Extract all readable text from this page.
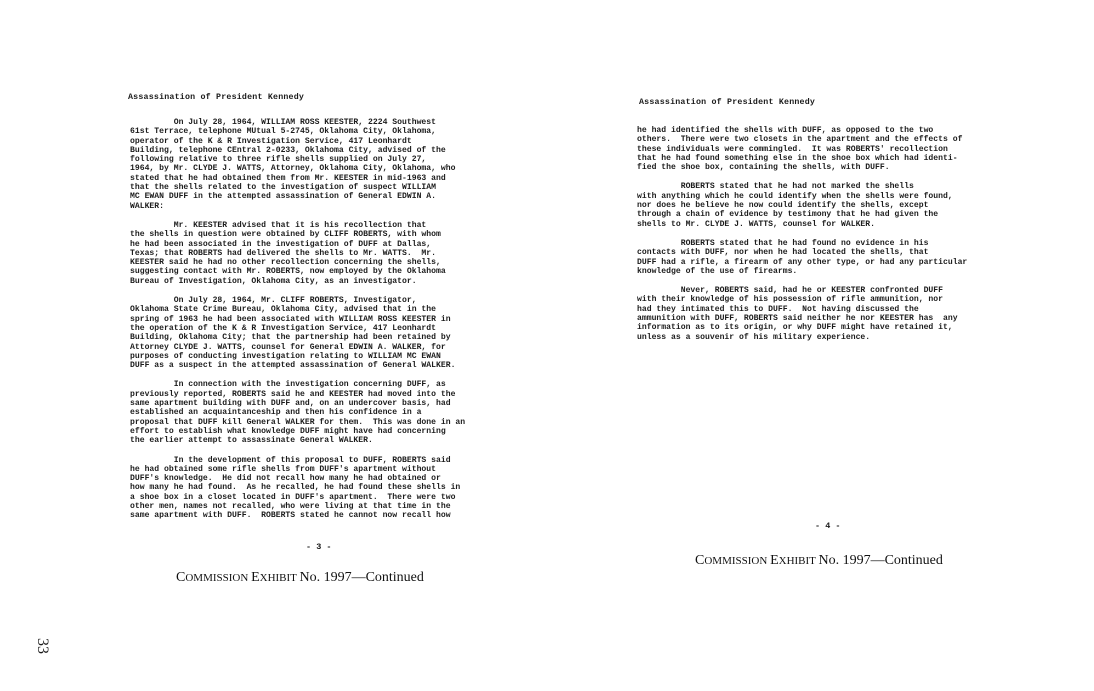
Assassination of President Kennedy

On July 28, 1964, WILLIAM ROSS KEESTER, 2224 Southwest
61st Terrace, telephone MUtual 5-2745, Oklahoma City, Oklahoma,
operator of the K & R Investigation Service, 417 Leonhardt
Building, telephone CEntral 2-0233, Oklahoma City, advised of the
following relative to three rifle shells supplied on July 27,
1964, by Mr. CLYDE J. WATTS, Attorney, Oklahoma City, Oklahoma, who
stated that he had obtained them from Mr. KEESTER in mid-1963 and
that the shells related to the investigation of suspect WILLIAM
MC EWAN DUFF in the attempted assassination of General EDWIN A.
WALKER:

Mr. KEESTER advised that it is his recollection that
the shells in question were obtained by CLIFF ROBERTS, with whom
he had been associated in the investigation of DUFF at Dallas,
Texas; that ROBERTS had delivered the shells to Mr. WATTS.  Mr.
KEESTER said he had no other recollection concerning the shells,
suggesting contact with Mr. ROBERTS, now employed by the Oklahoma
Bureau of Investigation, Oklahoma City, as an investigator.

On July 28, 1964, Mr. CLIFF ROBERTS, Investigator,
Oklahoma State Crime Bureau, Oklahoma City, advised that in the
spring of 1963 he had been associated with WILLIAM ROSS KEESTER in
the operation of the K & R Investigation Service, 417 Leonhardt
Building, Oklahoma City; that the partnership had been retained by
Attorney CLYDE J. WATTS, counsel for General EDWIN A. WALKER, for
purposes of conducting investigation relating to WILLIAM MC EWAN
DUFF as a suspect in the attempted assassination of General WALKER.

In connection with the investigation concerning DUFF, as
previously reported, ROBERTS said he and KEESTER had moved into the
same apartment building with DUFF and, on an undercover basis, had
established an acquaintanceship and then his confidence in a
proposal that DUFF kill General WALKER for them.  This was done in an
effort to establish what knowledge DUFF might have had concerning
the earlier attempt to assassinate General WALKER.

In the development of this proposal to DUFF, ROBERTS said
he had obtained some rifle shells from DUFF's apartment without
DUFF's knowledge.  He did not recall how many he had obtained or
how many he had found.  As he recalled, he had found these shells in
a shoe box in a closet located in DUFF's apartment.  There were two
other men, names not recalled, who were living at that time in the
same apartment with DUFF.  ROBERTS stated he cannot now recall how

- 3 -
COMMISSION EXHIBIT No. 1997—Continued
Assassination of President Kennedy

he had identified the shells with DUFF, as opposed to the two
others.  There were two closets in the apartment and the effects of
these individuals were commingled.  It was ROBERTS' recollection
that he had found something else in the shoe box which had identi-
fied the shoe box, containing the shells, with DUFF.

ROBERTS stated that he had not marked the shells
with anything which he could identify when the shells were found,
nor does he believe he now could identify the shells, except
through a chain of evidence by testimony that he had given the
shells to Mr. CLYDE J. WATTS, counsel for WALKER.

ROBERTS stated that he had found no evidence in his
contacts with DUFF, nor when he had located the shells, that
DUFF had a rifle, a firearm of any other type, or had any particular
knowledge of the use of firearms.

Never, ROBERTS said, had he or KEESTER confronted DUFF
with their knowledge of his possession of rifle ammunition, nor
had they intimated this to DUFF.  Not having discussed the
ammunition with DUFF, ROBERTS said neither he nor KEESTER has  any
information as to its origin, or why DUFF might have retained it,
unless as a souvenir of his military experience.

- 4 -
COMMISSION EXHIBIT No. 1997—Continued
33
